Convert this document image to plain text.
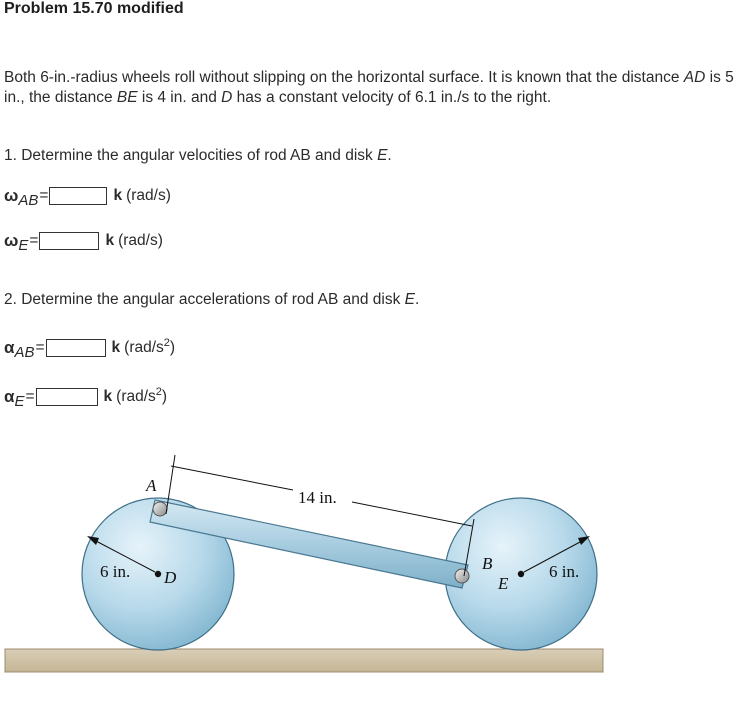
Problem 15.70 modified
Both 6-in.-radius wheels roll without slipping on the horizontal surface. It is known that the distance AD is 5 in., the distance BE is 4 in. and D has a constant velocity of 6.1 in./s to the right.
1. Determine the angular velocities of rod AB and disk E.
ω AB =	k (rad/s)
ω E =	k (rad/s)
2. Determine the angular accelerations of rod AB and disk E.
α AB =	k $(rad/s^2)$
α E =	k $(rad/s^2)$
14 in.
6 in.	6 in.
A
B
D	E
